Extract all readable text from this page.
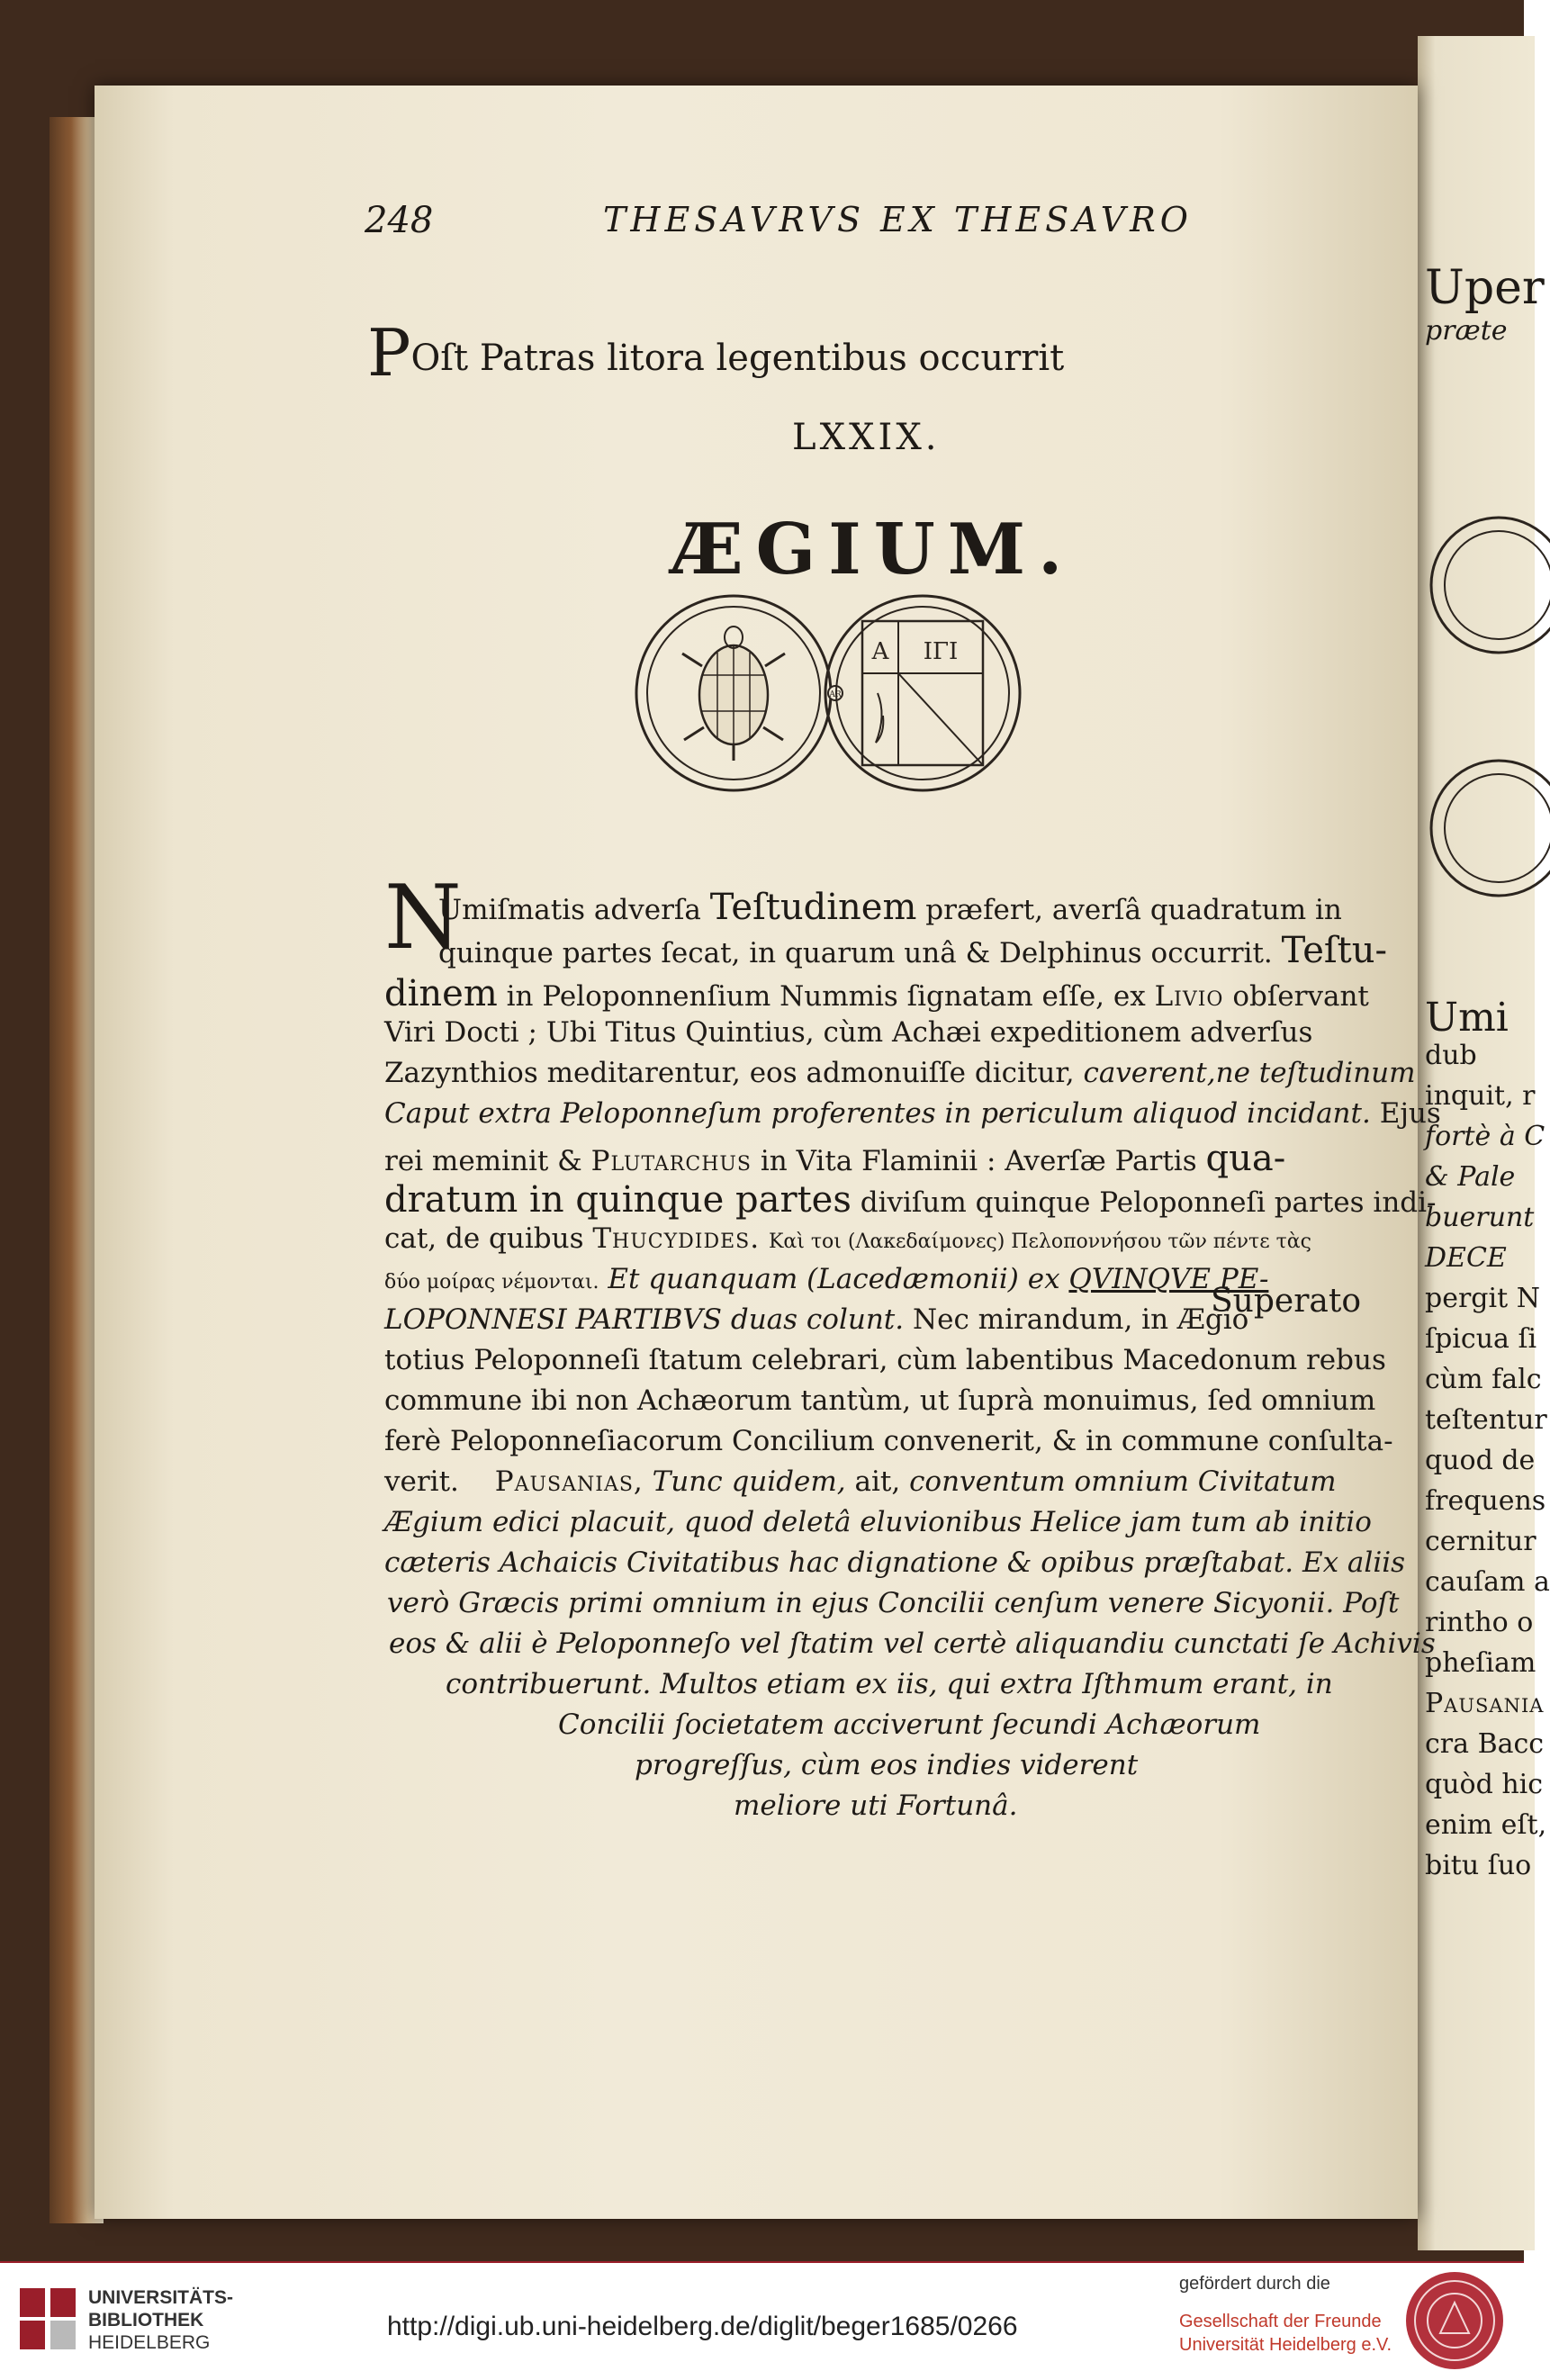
Uper
præte
Umi
dub
inquit, r
fortè à C
& Pale
buerunt
DECE
pergit N
ſpicua ſi
cùm falc
teſtentur
quod de
frequens
cernitur
cauſam a
rintho o
pheſiam
Pausania
cra Bacc
quòd hic
enim eſt,
bitu ſuo
248	THESAVRVS EX THESAVRO
POſt Patras litora legentibus occurrit
LXXIX.
ÆGIUM.
AR
Α ΙΓΙ
N
Umiſmatis adverſa Teſtudinem præfert, averſâ quadratum in
quinque partes ſecat, in quarum unâ & Delphinus occurrit. Teſtu-
dinem in Peloponnenſium Nummis ſignatam eſſe, ex Livio obſervant
Viri Docti ; Ubi Titus Quintius, cùm Achæi expeditionem adverſus
Zazynthios meditarentur, eos admonuiſſe dicitur, caverent,ne teſtudinum
Caput extra Peloponneſum proferentes in periculum aliquod incidant. Ejus
rei meminit & Plutarchus in Vita Flaminii : Averſæ Partis qua-
dratum in quinque partes diviſum quinque Peloponneſi partes indi-
cat, de quibus Thucydides. Καὶ τοι (Λακεδαίμονες) Πελοποννήσου τῶν πέντε τὰς
δύο μοίρας νέμονται. Et quanquam (Lacedæmonii) ex QVINQVE PE-
LOPONNESI PARTIBVS duas colunt. Nec mirandum, in Ægio
totius Peloponneſi ſtatum celebrari, cùm labentibus Macedonum rebus
commune ibi non Achæorum tantùm, ut ſuprà monuimus, ſed omnium
ferè Peloponneſiacorum Concilium convenerit, & in commune conſulta-
verit. Pausanias, Tunc quidem, ait, conventum omnium Civitatum
Ægium edici placuit, quod deletâ eluvionibus Helice jam tum ab initio
cæteris Achaicis Civitatibus hac dignatione & opibus præſtabat. Ex aliis
verò Græcis primi omnium in ejus Concilii cenſum venere Sicyonii. Poſt
eos & alii è Peloponneſo vel ſtatim vel certè aliquandiu cunctati ſe Achivis
contribuerunt. Multos etiam ex iis, qui extra Iſthmum erant, in
Concilii ſocietatem acciverunt ſecundi Achæorum
progreſſus, cùm eos indies viderent
meliore uti Fortunâ.
Superato
UNIVERSITÄTS-
BIBLIOTHEK
HEIDELBERG
http://digi.ub.uni-heidelberg.de/diglit/beger1685/0266
gefördert durch die
Gesellschaft der Freunde
Universität Heidelberg e.V.
